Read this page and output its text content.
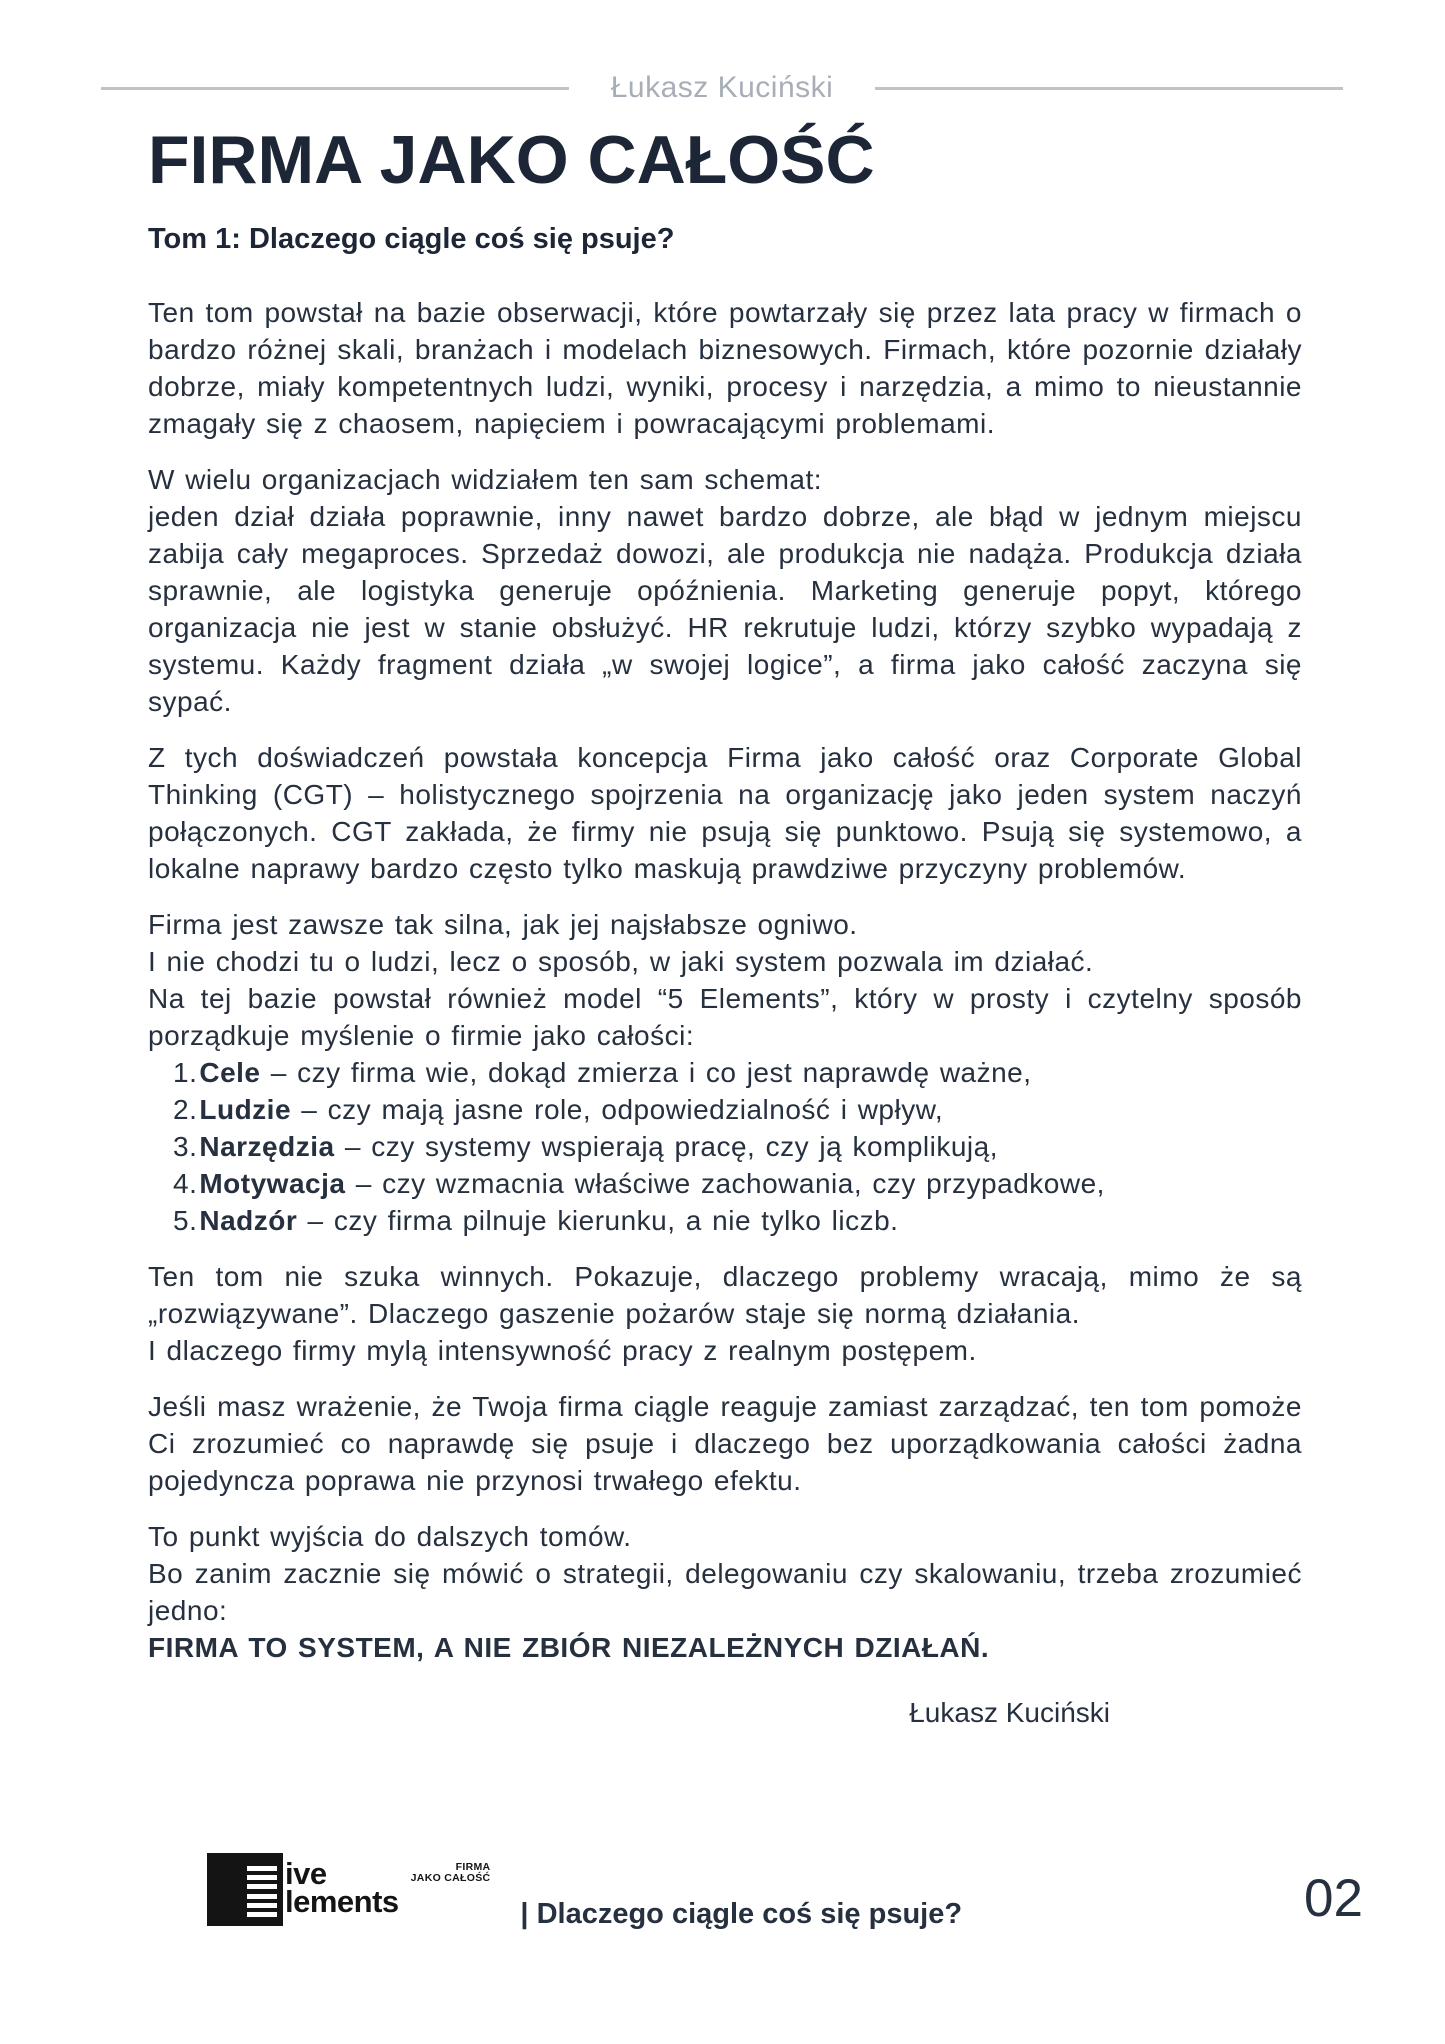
Łukasz Kuciński
FIRMA JAKO CAŁOŚĆ
Tom 1: Dlaczego ciągle coś się psuje?
Ten tom powstał na bazie obserwacji, które powtarzały się przez lata pracy w firmach o bardzo różnej skali, branżach i modelach biznesowych. Firmach, które pozornie działały dobrze, miały kompetentnych ludzi, wyniki, procesy i narzędzia, a mimo to nieustannie zmagały się z chaosem, napięciem i powracającymi problemami.
W wielu organizacjach widziałem ten sam schemat:
jeden dział działa poprawnie, inny nawet bardzo dobrze, ale błąd w jednym miejscu zabija cały megaproces. Sprzedaż dowozi, ale produkcja nie nadąża. Produkcja działa sprawnie, ale logistyka generuje opóźnienia. Marketing generuje popyt, którego organizacja nie jest w stanie obsłużyć. HR rekrutuje ludzi, którzy szybko wypadają z systemu. Każdy fragment działa „w swojej logice”, a firma jako całość zaczyna się sypać.
Z tych doświadczeń powstała koncepcja Firma jako całość oraz Corporate Global Thinking (CGT) – holistycznego spojrzenia na organizację jako jeden system naczyń połączonych. CGT zakłada, że firmy nie psują się punktowo. Psują się systemowo, a lokalne naprawy bardzo często tylko maskują prawdziwe przyczyny problemów.
Firma jest zawsze tak silna, jak jej najsłabsze ogniwo.
I nie chodzi tu o ludzi, lecz o sposób, w jaki system pozwala im działać.
Na tej bazie powstał również model “5 Elements”, który w prosty i czytelny sposób porządkuje myślenie o firmie jako całości:
1.Cele – czy firma wie, dokąd zmierza i co jest naprawdę ważne,
2.Ludzie – czy mają jasne role, odpowiedzialność i wpływ,
3.Narzędzia – czy systemy wspierają pracę, czy ją komplikują,
4.Motywacja – czy wzmacnia właściwe zachowania, czy przypadkowe,
5.Nadzór – czy firma pilnuje kierunku, a nie tylko liczb.
Ten tom nie szuka winnych. Pokazuje, dlaczego problemy wracają, mimo że są „rozwiązywane”. Dlaczego gaszenie pożarów staje się normą działania.
I dlaczego firmy mylą intensywność pracy z realnym postępem.
Jeśli masz wrażenie, że Twoja firma ciągle reaguje zamiast zarządzać, ten tom pomoże Ci zrozumieć co naprawdę się psuje i dlaczego bez uporządkowania całości żadna pojedyncza poprawa nie przynosi trwałego efektu.
To punkt wyjścia do dalszych tomów.
Bo zanim zacznie się mówić o strategii, delegowaniu czy skalowaniu, trzeba zrozumieć jedno:
FIRMA TO SYSTEM, A NIE ZBIÓR NIEZALEŻNYCH DZIAŁAŃ.
Łukasz Kuciński
ive
lements
FIRMA
JAKO CAŁOŚĆ
| Dlaczego ciągle coś się psuje?	02
